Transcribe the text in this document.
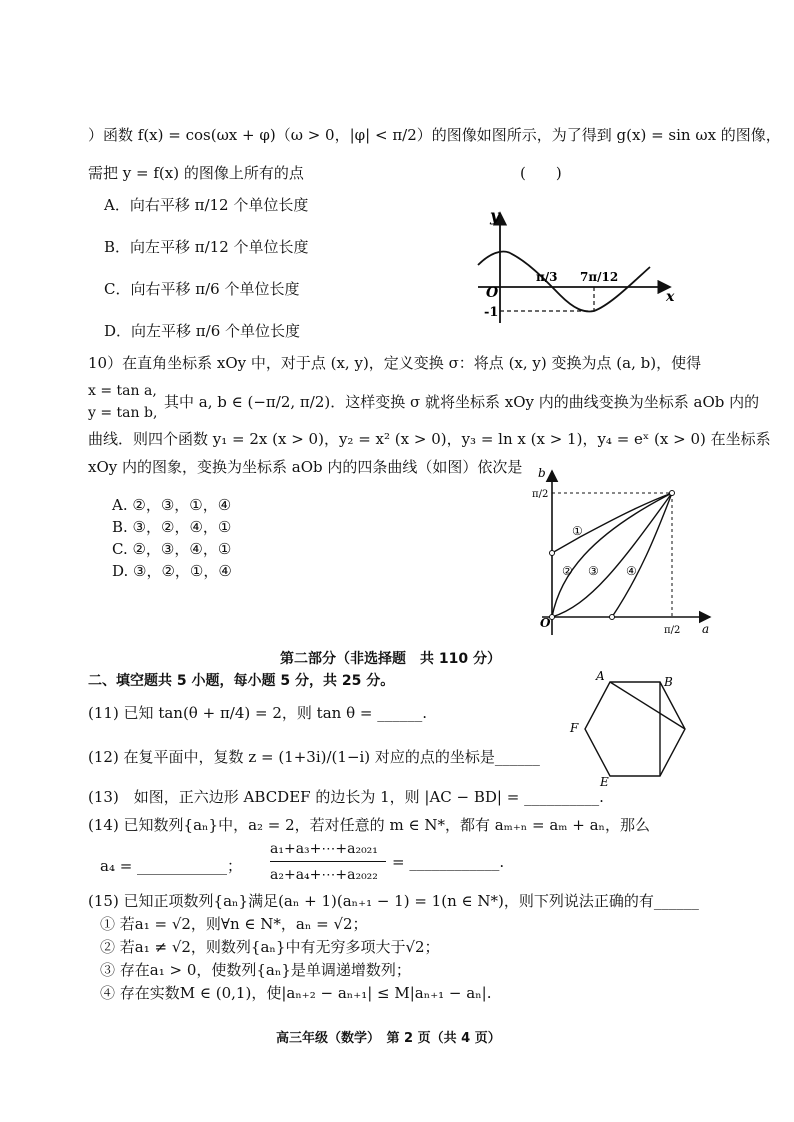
）函数 f(x) = cos(ωx + φ)（ω > 0，|φ| < π/2）的图像如图所示，为了得到 g(x) = sin ωx 的图像，
需把 y = f(x) 的图像上所有的点	(　　)
A．向右平移 π/12 个单位长度
B．向左平移 π/12 个单位长度
C．向右平移 π/6 个单位长度
D．向左平移 π/6 个单位长度
y
x
O
-1
π/3 7π/12
10）在直角坐标系 xOy 中，对于点 (x, y)，定义变换 σ：将点 (x, y) 变换为点 (a, b)，使得
x = tan a,
y = tan b,
其中 a, b ∈ (−π/2, π/2)．这样变换 σ 就将坐标系 xOy 内的曲线变换为坐标系 aOb 内的
曲线．则四个函数 y₁ = 2x (x > 0)，y₂ = x² (x > 0)，y₃ = ln x (x > 1)，y₄ = eˣ (x > 0) 在坐标系
xOy 内的图象，变换为坐标系 aOb 内的四条曲线（如图）依次是
A. ②，③，①，④
B. ③，②，④，①
C. ②，③，④，①
D. ③，②，①，④
b
a
O
π/2
π/2
①
② ③ ④
第二部分（非选择题　共 110 分）
二、填空题共 5 小题，每小题 5 分，共 25 分。
(11) 已知 tan(θ + π/4) = 2，则 tan θ = ______.
(12) 在复平面中，复数 z = (1+3i)/(1−i) 对应的点的坐标是______
(13)　如图，正六边形 ABCDEF 的边长为 1，则 |AC − BD| = __________.
A	B
E
F
(14) 已知数列{aₙ}中，a₂ = 2，若对任意的 m ∈ N*，都有 aₘ₊ₙ = aₘ + aₙ，那么
a₄ = ____________；
a₁+a₃+⋯+a₂₀₂₁
a₂+a₄+⋯+a₂₀₂₂
= ____________.
(15) 已知正项数列{aₙ}满足(aₙ + 1)(aₙ₊₁ − 1) = 1(n ∈ N*)，则下列说法正确的有______
① 若a₁ = √2，则∀n ∈ N*，aₙ = √2；
② 若a₁ ≠ √2，则数列{aₙ}中有无穷多项大于√2；
③ 存在a₁ > 0，使数列{aₙ}是单调递增数列；
④ 存在实数M ∈ (0,1)，使|aₙ₊₂ − aₙ₊₁| ≤ M|aₙ₊₁ − aₙ|.
高三年级（数学）　第 2 页（共 4 页）
